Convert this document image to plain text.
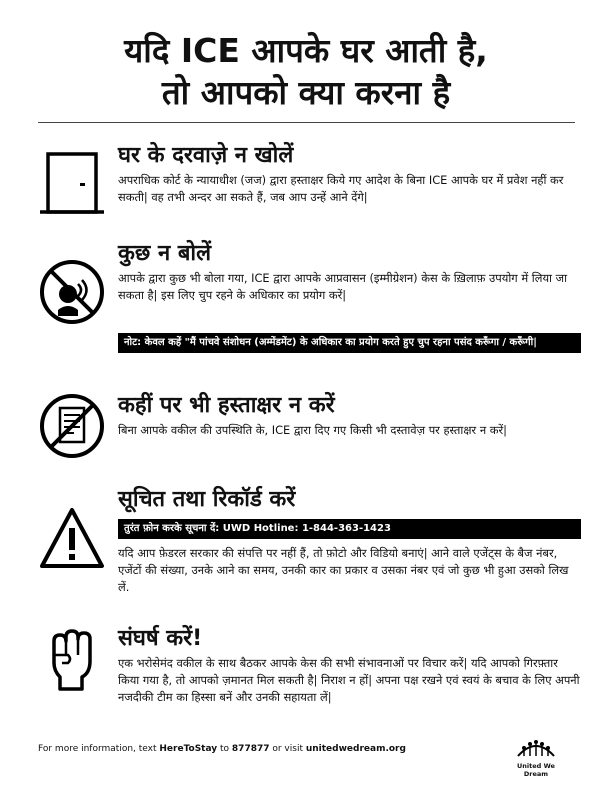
यदि ICE आपके घर आती है,
तो आपको क्या करना है

घर के दरवाज़े न खोलें

अपराधिक कोर्ट के न्यायाधीश (जज) द्वारा हस्ताक्षर किये गए आदेश के बिना ICE आपके घर में प्रवेश नहीं कर सकती| वह तभी अन्दर आ सकते हैं, जब आप उन्हें आने देंगे|

कुछ न बोलें

आपके द्वारा कुछ भी बोला गया, ICE द्वारा आपके आप्रवासन (इम्मीग्रेशन) केस के ख़िलाफ़ उपयोग में लिया जा सकता है| इस लिए चुप रहने के अधिकार का प्रयोग करें|

नोट: केवल कहें "मैं पांचवे संशोधन (अम्मेंडमेंट) के अधिकार का प्रयोग करते हुए चुप रहना पसंद करूँगा / करूँगी|

कहीं पर भी हस्ताक्षर न करें

बिना आपके वकील की उपस्थिति के, ICE द्वारा दिए गए किसी भी दस्तावेज़ पर हस्ताक्षर न करें|

सूचित तथा रिकॉर्ड करें

तुरंत फ़ोन करके सूचना दें: UWD Hotline: 1-844-363-1423

यदि आप फ़ेडरल सरकार की संपत्ति पर नहीं हैं, तो फ़ोटो और विडियो बनाएं| आने वाले एजेंट्स के बैज नंबर, एजेंटों की संख्या, उनके आने का समय, उनकी कार का प्रकार व उसका नंबर एवं जो कुछ भी हुआ उसको लिख लें.

संघर्ष करें!

एक भरोसेमंद वकील के साथ बैठकर आपके केस की सभी संभावनाओं पर विचार करें| यदि आपको गिरफ़्तार किया गया है, तो आपको ज़मानत मिल सकती है| निराश न हों| अपना पक्ष रखने एवं स्वयं के बचाव के लिए अपनी नजदीकी टीम का हिस्सा बनें और उनकी सहायता लें|

For more information, text HereToStay to 877877 or visit unitedwedream.org
United We Dream
